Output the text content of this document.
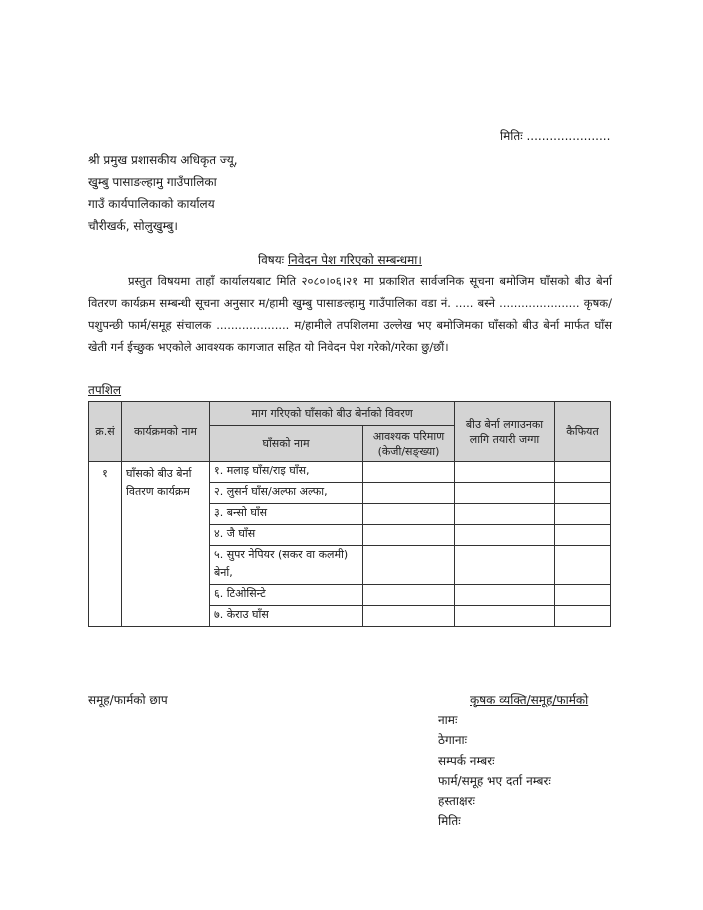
मितिः ......................
श्री प्रमुख प्रशासकीय अधिकृत ज्यू,
खुम्बु पासाङल्हामु गाउँपालिका
गाउँ कार्यपालिकाको कार्यालय
चौरीखर्क, सोलुखुम्बु।
विषयः निवेदन पेश गरिएको सम्बन्धमा।
प्रस्तुत विषयमा ताहाँ कार्यालयबाट मिति २०८०।०६।२१ मा प्रकाशित सार्वजनिक सूचना बमोजिम घाँसको बीउ बेर्ना वितरण कार्यक्रम सम्बन्धी सूचना अनुसार म/हामी खुम्बु पासाङल्हामु गाउँपालिका वडा नं. ..... बस्ने ...................... कृषक/पशुपन्छी फार्म/समूह संचालक .................... म/हामीले तपशिलमा उल्लेख भए बमोजिमका घाँसको बीउ बेर्ना मार्फत घाँस खेती गर्न ईच्छुक भएकोले आवश्यक कागजात सहित यो निवेदन पेश गरेको/गरेका छु/छौं।
तपशिल
क्र.सं	कार्यक्रमको नाम	माग गरिएको घाँसको बीउ बेर्नाको विवरण		बीउ बेर्ना लगाउनका लागि तयारी जग्गा	कैफियत
		घाँसको नाम	आवश्यक परिमाण (केजी/सङ्ख्या)		
१	घाँसको बीउ बेर्ना वितरण कार्यक्रम	१. मलाइ घाँस/राइ घाँस,			
		२. लुसर्न घाँस/अल्फा अल्फा,			
		३. बन्सो घाँस			
		४. जै घाँस			
		५. सुपर नेपियर (सकर वा कलमी) बेर्ना,			
		६. टिओसिन्टे			
		७. केराउ घाँस			
समूह/फार्मको छाप	कृषक व्यक्ति/समूह/फार्मको
नामः
ठेगानाः
सम्पर्क नम्बरः
फार्म/समूह भए दर्ता नम्बरः
हस्ताक्षरः
मितिः
